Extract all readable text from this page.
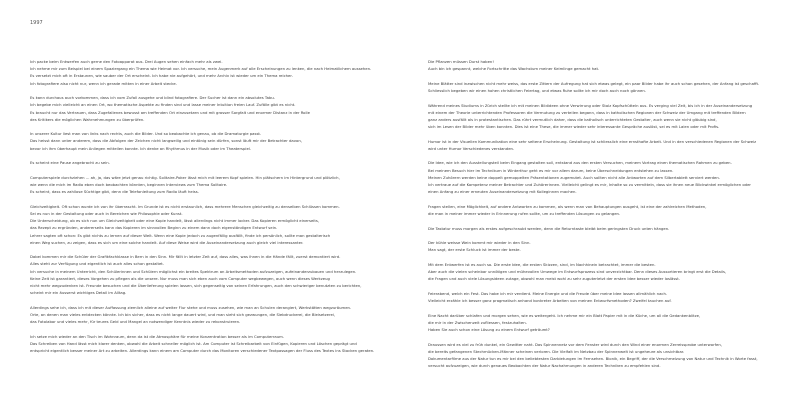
1997
Ich packe beim Entwerfen auch gerne den Fotoapparat aus. Drei Augen sehen einfach mehr als zwei.
Ich nehme mir zum Beispiel bei einem Spaziergang ein Thema wie Heimat vor. Ich versuche, mein Augenmerk auf alle Erscheinungen zu lenken, die nach Heimatlichem aussehen.
Es versetzt mich oft in Erstaunen, wie sauber der Ort erscheint. Ich habe nie aufgehört, und mehr Archiv ist wieder um ein Thema reicher.
Ich fotografiere also nicht nur, wenn ich gerade mitten in einer Arbeit stecke.
Es kann durchaus auch vorkommen, dass ich vom Zufall ausgehe und blind fotografiere. Der Sucher ist dann ein absolutes Tabu.
Ich begebe mich vielleicht an einen Ort, wo thematische Aspekte zu finden sind und lasse meiner Intuition freien Lauf. Zufälle gibt es nicht.
Es braucht nur das Vertrauen, dass Zugefallenes bewusst am treffenden Ort einzusetzen und mit grosser Sorgfalt und enormer Distanz in der Rolle
des Kritikers die möglichen Wahrnehmungen zu überprüfen.
In unserer Kultur liest man von links nach rechts, auch die Bilder. Und so beobachte ich genau, ob die Dramaturgie passt.
Das heisst dann unter anderem, dass die Abfolgen der Zeichen nicht langweilig und eintönig sein dürfen, sonst läuft mir der Betrachter davon,
bevor ich ihm überhaupt mein Anliegen mitteilen konnte. Ich denke an Rhythmus in der Musik oder im Theaterspiel.
Es scheint eine Pause angebracht zu sein.
Computerspiele durchziehen ... ah, ja, das wäre jetzt genau richtig. Solitaire-Poker lässt mich mit leerem Kopf spielen. Hin plätschern im Hintergrund und plötzlich,
wie wenn die mich im Radio eben doch beobachten könnten, beginnen Interviews zum Thema Solitaire.
Es scheint, dass es zahllose Süchtige gibt, denn die Telefonleitung zum Radio läuft heiss.
Gleichzeitigkeit. Oft schon wurde ich von ihr überrascht. Im Grunde ist es nicht erstaunlich, dass mehrere Menschen gleichzeitig zu denselben Schlüssen kommen.
Sei es nun in der Gestaltung oder auch in Bereichen wie Philosophie oder Kunst.
Die Unterscheidung, ob es sich nun um Gleichzeitigkeit oder eine Kopie handelt, lässt allerdings nicht immer locker. Das Kopieren ermöglicht einerseits,
das Rezept zu ergründen, andererseits kann das Kopieren im sinnvollen Beginn zu einem dann doch eigenständigen Entwurf sein.
Lehrer sagten oft schon: Es gibt nichts zu lernen auf dieser Welt. Wenn eine Kopie jedoch zu augenfällig ausfällt, finde ich persönlich, sollte man gestalterisch
einen Weg suchen, zu zeigen, dass es sich um eine solche handelt. Auf diese Weise wird die Auseinandersetzung auch gleich viel interessanter.
Dabei kommen mir die Schüler der Grafikfachklasse in Bern in den Sinn. Mir fällt in letzter Zeit auf, dass alles, was ihnen in die Hände fällt, zuerst demontiert wird.
Alles steht zur Verfügung und eigentlich ist auch alles schon gestaltet.
Ich versuche in meinem Unterricht, den Schülerinnen und Schülern möglichst ein breites Spektrum an Arbeitsmethoden aufzuzeigen, aufeinanderzubauen und herzulegen.
Keine Zeit ist garantiert, dieses Vorgehen zu pflegen als die unsere. Nur muss man sich eben auch vom Computer wegbewegen, auch wenn dieses Werkzeug
nicht mehr wegzudenken ist. Freunde besuchen und die Überlieferung spielen lassen, sich gegenseitig von seinen Erfahrungen, auch den schwieriger benutzten zu berichten,
scheint mir ein äusserst wichtiges Detail im Alltag.
Allerdings sehe ich, dass ich mit dieser Auffassung ziemlich alleine auf weiter Flur stehe und muss zusehen, wie man an Schulen derangiert, Werkstätten wegzuräumen.
Orte, an denen man vieles entdecken könnte. Ich bin sicher, dass es nicht lange dauert wird, und man sieht sich gezwungen, die Siebdruckerei, die Bleisetzerei,
das Fotolabor und vieles mehr, für teures Geld und Mangel an notwendiger Kenntnis wieder zu rekonstruieren.
Ich setze mich wieder an den Tisch im Wohnraum, denn da ist die Atmosphäre für meine Konzentration besser als im Computerraum.
Das Schreiben von Hand lässt mich klarer denken, obwohl die Arbeit schneller möglich ist. Am Computer ist Schreibarbeit von Einfügen, Kopieren und Löschen geprägt und
entspricht eigentlich besser meiner Art zu arbeiten. Allerdings kann einem am Computer durch das Monitoren verschiedener Textpassagen der Fluss des Textes ins Stocken geraten.
Die Pflanzen müssen Durst haben!
Auch bin ich gespannt, welche Fortschritte das Wachstum meiner Keimlinge gemacht hat.
Meine Blätter sind inzwischen nicht mehr weiss, das erste Zittern der Aufregung hat sich etwas gelegt, ein paar Bilder habe ihr auch schon gesehen, der Anfang ist geschafft.
Schliesslich begeben wir einen hohen christlichen Feiertag, und etwas Ruhe sollte ich mir doch auch noch gönnen.
Während meines Studiums in Zürich stellte ich mit meinen Bildideen ohne Verwirrung oder Stolz Kopfschütteln aus. Es verging viel Zeit, bis ich in der Auseinandersetzung
mit einem der Theorie unterrichtenden Professoren die Vermutung zu verteilen begann, dass in katholischen Regionen der Schweiz der Umgang mit treffenden Bildern
ganz anders ausfällt als in protestantischen. Das rührt vermutlich daher, dass die katholisch unterrichteten Gestalter, auch wenn sie nicht gläubig sind,
sich im Lesen der Bilder mehr üben konnten. Dies ist eine These, die immer wieder sehr interessante Gespräche auslöst, sei es mit Laien oder mit Profis.
Humor ist in der Visuellen Kommunikation eine sehr seltene Erscheinung. Gestaltung ist schliesslich eine ernsthafte Arbeit. Und in den verschiedenen Regionen der Schweiz
wird unter Humor Verschiedenes verstanden.
Die Idee, wie ich den Ausstellungsteil beim Eingang gestalten soll, entstand aus den ersten Versuchen, meinem Vortrag einen thematischen Rahmen zu geben.
Bei meinem Besuch hier im Technikum in Winterthur geht es mir vor allem darum, keine Überschneidungen entstehen zu lassen.
Meinen Zuhörern werden keine doppelt gemoppelten Präsentationen zugemutet. Auch sollten nicht alle Antworten auf dem Silbertablett serviert werden.
Ich vertraue auf die Kompetenz meiner Betrachter und Zuhörerinnen. Vielleicht gelingt es mir, Inhalte so zu vermitteln, dass sie ihnen neue Blickwinkel ermöglichen oder
einen Anfang zu einer erneuten Auseinandersetzung mit Kolleginnen machen.
Fragen stellen, eine Möglichkeit, auf andere Antworten zu kommen, als wenn man von Behauptungen ausgeht, ist eine der zahlreichen Methoden,
die man in meiner immer wieder in Erinnerung rufen sollte, um zu treffenden Lösungen zu gelangen.
Die Tastatur muss morgen als erstes aufgeschraubt werden, denn die Returntaste bleibt beim geringsten Druck unten hängen.
Der kühle weisse Wein kommt mir wieder in den Sinn.
Man sagt, der erste Schluck ist immer der beste.
Mit dem Entwerfen ist es auch so. Die erste Idee, die ersten Skizzen, sind, im Nachhinein betrachtet, immer die besten.
Aber auch die vielen scheinbar unnötigen und mühevollen Umwege im Entwurfsprozess sind unverzichtbar. Denn dieses Aussortieren bringt erst die Details,
die Fragen und auch viele Lösungsideen zutage, obwohl man meist wohl zu sehr zuguterletzt der ersten Idee besser wieder loslässt.
Feierabend, welch ein Fest. Das habe ich mir verdient. Meine Energie und die Freude über meine Idee lassen allmählich nach.
Vielleicht erzähle ich besser ganz pragmatisch anhand konkreter Arbeiten von meinen Entwurfsmethoden? Zweifel tauchen auf.
Eine Nacht darüber schlafen und morgen sehen, wie es weitergeht. Ich nehme mir ein Blatt Papier mit in die Küche, um all die Gedankenblitze,
die mir in der Zwischenzeit zufliessen, festzuhalten.
Haben Sie auch schon eine Lösung zu einem Entwurf geträumt?
Draussen wird es viel zu früh dunkel, ein Gewitter naht. Das Spinnennetz vor dem Fenster wird durch den Wind einer enormen Zerreissprobe unterworfen,
die bereits gefangenen Stechmücken-Männer scheinen verloren. Die Vielfalt im Netzbau der Spinnenwelt ist ungeheure als unsichtbar.
Dokumentarfilme aus der Natur tun es mir bei den beliebtesten Darbietungen im Fernsehen. Bionik, ein Begriff, der die Verschmelzung von Natur und Technik in Worte fasst,
versucht aufzuzeigen, wie durch genaues Beobachten der Natur Nachahmungen in anderen Techniken zu empfehlen sind.
